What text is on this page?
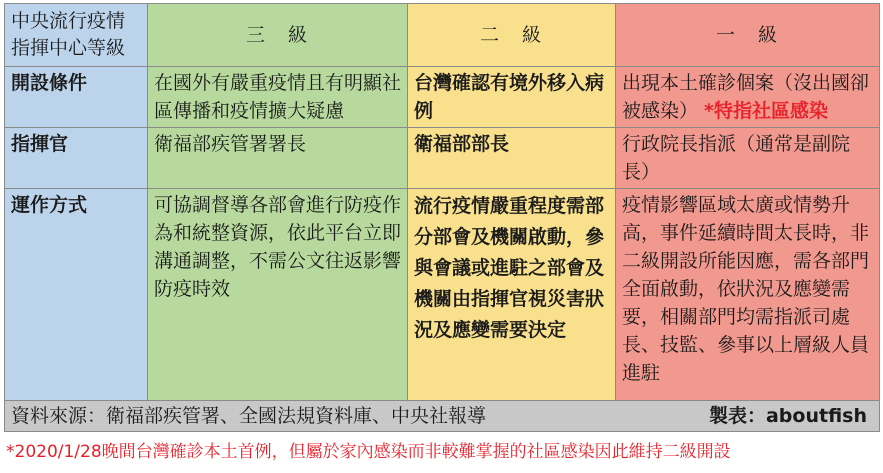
中央流行疫情
指揮中心等級	三　級	二　級	一　級
開設條件	在國外有嚴重疫情且有明顯社區傳播和疫情擴大疑慮	台灣確認有境外移入病例	出現本土確診個案（沒出國卻被感染） *特指社區感染
指揮官	衛福部疾管署署長	衛福部部長	行政院長指派（通常是副院長）
運作方式	可協調督導各部會進行防疫作為和統整資源，依此平台立即溝通調整，不需公文往返影響防疫時效	流行疫情嚴重程度需部分部會及機關啟動，參與會議或進駐之部會及機關由指揮官視災害狀況及應變需要決定	疫情影響區域太廣或情勢升高，事件延續時間太長時，非二級開設所能因應，需各部門全面啟動，依狀況及應變需要，相關部門均需指派司處長、技監、參事以上層級人員進駐

資料來源：衛福部疾管署、全國法規資料庫、中央社報導 製表：aboutfish			
*2020/1/28晚間台灣確診本土首例，但屬於家內感染而非較難掌握的社區感染因此維持二級開設
